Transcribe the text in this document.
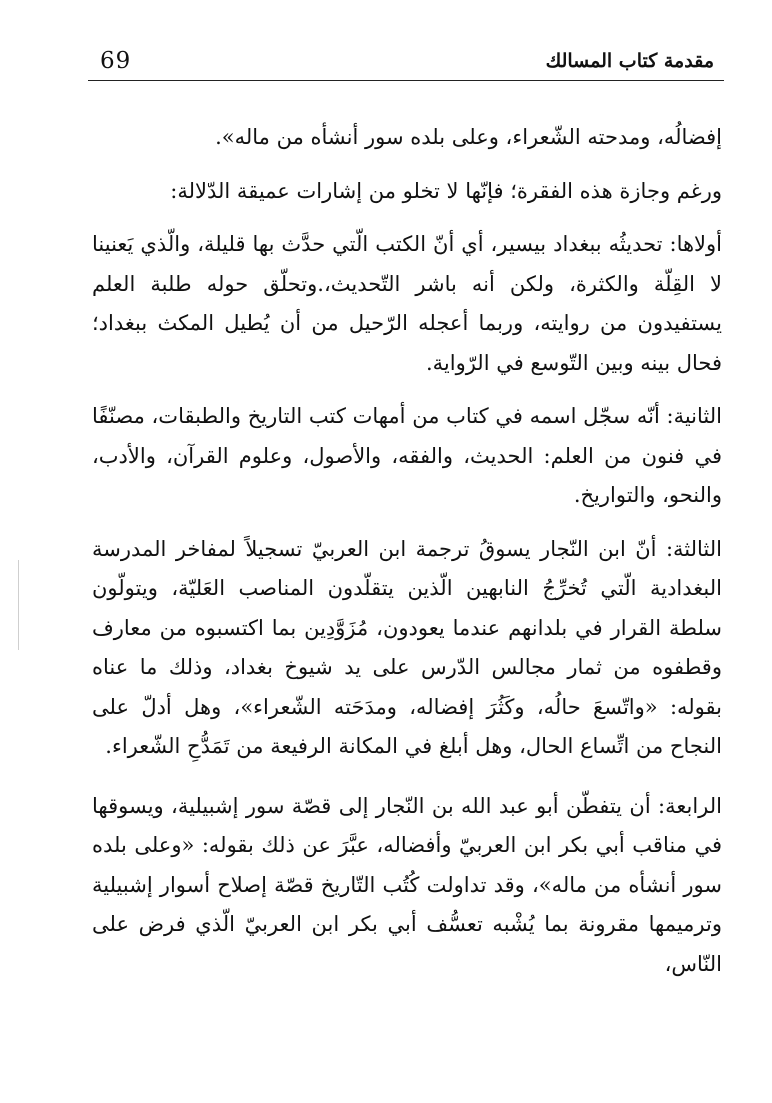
69	مقدمة كتاب المسالك

إفضالُه، ومدحته الشّعراء، وعلى بلده سور أنشأه من ماله».

ورغم وجازة هذه الفقرة؛ فإنّها لا تخلو من إشارات عميقة الدّلالة:

أولاها: تحديثُه ببغداد بيسير، أي أنّ الكتب الّتي حدَّث بها قليلة، والّذي يَعنينا لا القِلّة والكثرة، ولكن أنه باشر التّحديث،.وتحلّق حوله طلبة العلم يستفيدون من روايته، وربما أعجله الرّحيل من أن يُطيل المكث ببغداد؛ فحال بينه وبين التّوسع في الرّواية.

الثانية: أنّه سجّل اسمه في كتاب من أمهات كتب التاريخ والطبقات، مصنّفًا في فنون من العلم: الحديث، والفقه، والأصول، وعلوم القرآن، والأدب، والنحو، والتواريخ.

الثالثة: أنّ ابن النّجار يسوقُ ترجمة ابن العربيّ تسجيلاً لمفاخر المدرسة البغدادية الّتي تُخرِّجُ النابهين الّذين يتقلّدون المناصب العَليّة، ويتولّون سلطة القرار في بلدانهم عندما يعودون، مُزَوَّدِين بما اكتسبوه من معارف وقطفوه من ثمار مجالس الدّرس على يد شيوخ بغداد، وذلك ما عناه بقوله: «واتّسعَ حالُه، وكَثُرَ إفضاله، ومدَحَته الشّعراء»، وهل أدلّ على النجاح من اتِّساع الحال، وهل أبلغ في المكانة الرفيعة من تَمَدُّحِ الشّعراء.

الرابعة: أن يتفطّن أبو عبد الله بن النّجار إلى قصّة سور إشبيلية، ويسوقها في مناقب أبي بكر ابن العربيّ وأفضاله، عبَّرَ عن ذلك بقوله: «وعلى بلده سور أنشأه من ماله»، وقد تداولت كُتُب التّاريخ قصّة إصلاح أسوار إشبيلية وترميمها مقرونة بما يُشْبه تعسُّف أبي بكر ابن العربيّ الّذي فرض على النّاس،
